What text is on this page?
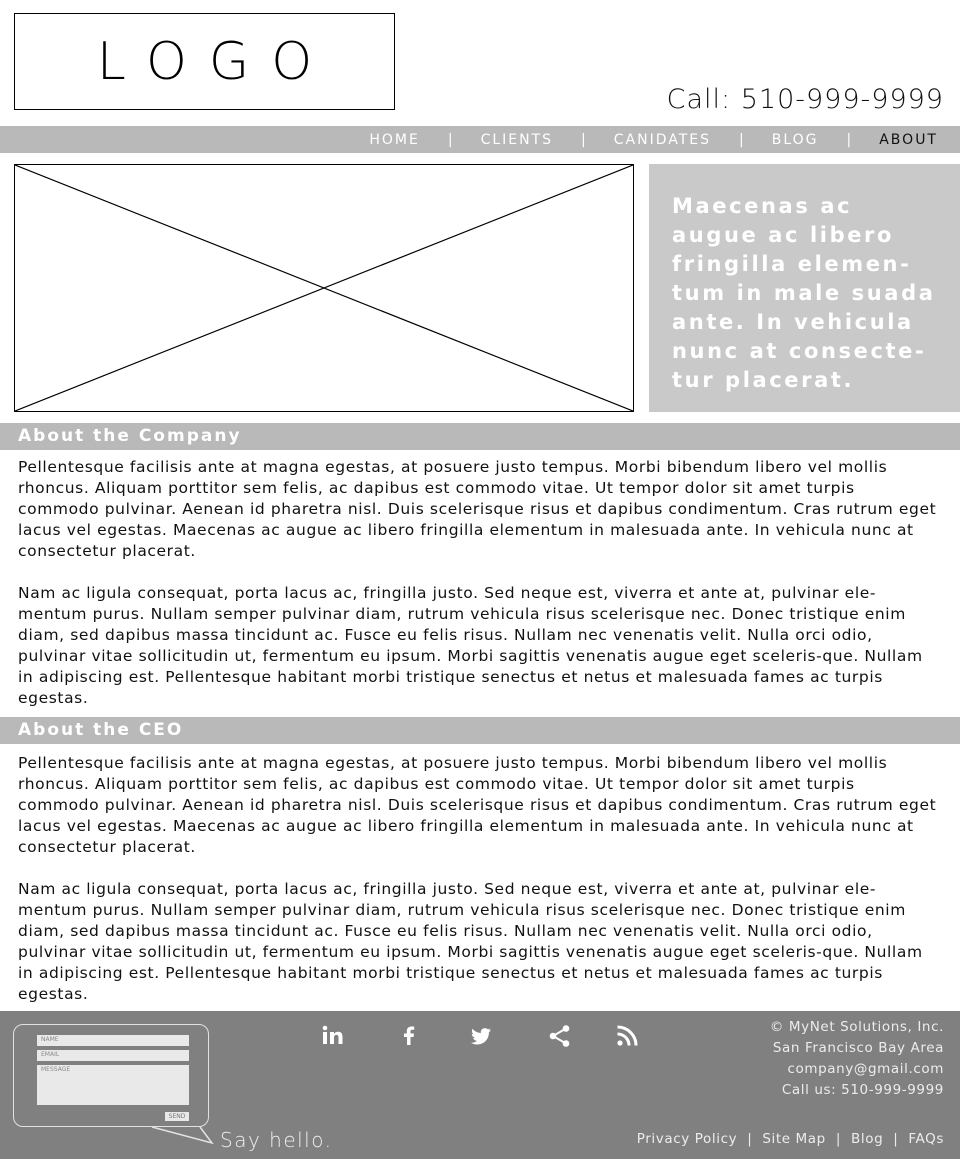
LOGO
Call: 510-999-9999
HOME | CLIENTS | CANIDATES | BLOG | ABOUT
Maecenas ac augue ac libero fringilla elemen-tum in male suada ante. In vehicula nunc at consecte-tur placerat.
About the Company
Pellentesque facilisis ante at magna egestas, at posuere justo tempus. Morbi bibendum libero vel mollis rhoncus. Aliquam porttitor sem felis, ac dapibus est commodo vitae. Ut tempor dolor sit amet turpis commodo pulvinar. Aenean id pharetra nisl. Duis scelerisque risus et dapibus condimentum. Cras rutrum eget lacus vel egestas. Maecenas ac augue ac libero fringilla elementum in malesuada ante. In vehicula nunc at consectetur placerat.
Nam ac ligula consequat, porta lacus ac, fringilla justo. Sed neque est, viverra et ante at, pulvinar ele-mentum purus. Nullam semper pulvinar diam, rutrum vehicula risus scelerisque nec. Donec tristique enim diam, sed dapibus massa tincidunt ac. Fusce eu felis risus. Nullam nec venenatis velit. Nulla orci odio, pulvinar vitae sollicitudin ut, fermentum eu ipsum. Morbi sagittis venenatis augue eget sceleris-que. Nullam in adipiscing est. Pellentesque habitant morbi tristique senectus et netus et malesuada fames ac turpis egestas.
About the CEO
Pellentesque facilisis ante at magna egestas, at posuere justo tempus. Morbi bibendum libero vel mollis rhoncus. Aliquam porttitor sem felis, ac dapibus est commodo vitae. Ut tempor dolor sit amet turpis commodo pulvinar. Aenean id pharetra nisl. Duis scelerisque risus et dapibus condimentum. Cras rutrum eget lacus vel egestas. Maecenas ac augue ac libero fringilla elementum in malesuada ante. In vehicula nunc at consectetur placerat.
Nam ac ligula consequat, porta lacus ac, fringilla justo. Sed neque est, viverra et ante at, pulvinar ele-mentum purus. Nullam semper pulvinar diam, rutrum vehicula risus scelerisque nec. Donec tristique enim diam, sed dapibus massa tincidunt ac. Fusce eu felis risus. Nullam nec venenatis velit. Nulla orci odio, pulvinar vitae sollicitudin ut, fermentum eu ipsum. Morbi sagittis venenatis augue eget sceleris-que. Nullam in adipiscing est. Pellentesque habitant morbi tristique senectus et netus et malesuada fames ac turpis egestas.
NAME
EMAIL
MESSAGE
SEND
Say hello.
© MyNet Solutions, Inc.
San Francisco Bay Area
company@gmail.com
Call us: 510-999-9999
Privacy Policy | Site Map | Blog | FAQs
